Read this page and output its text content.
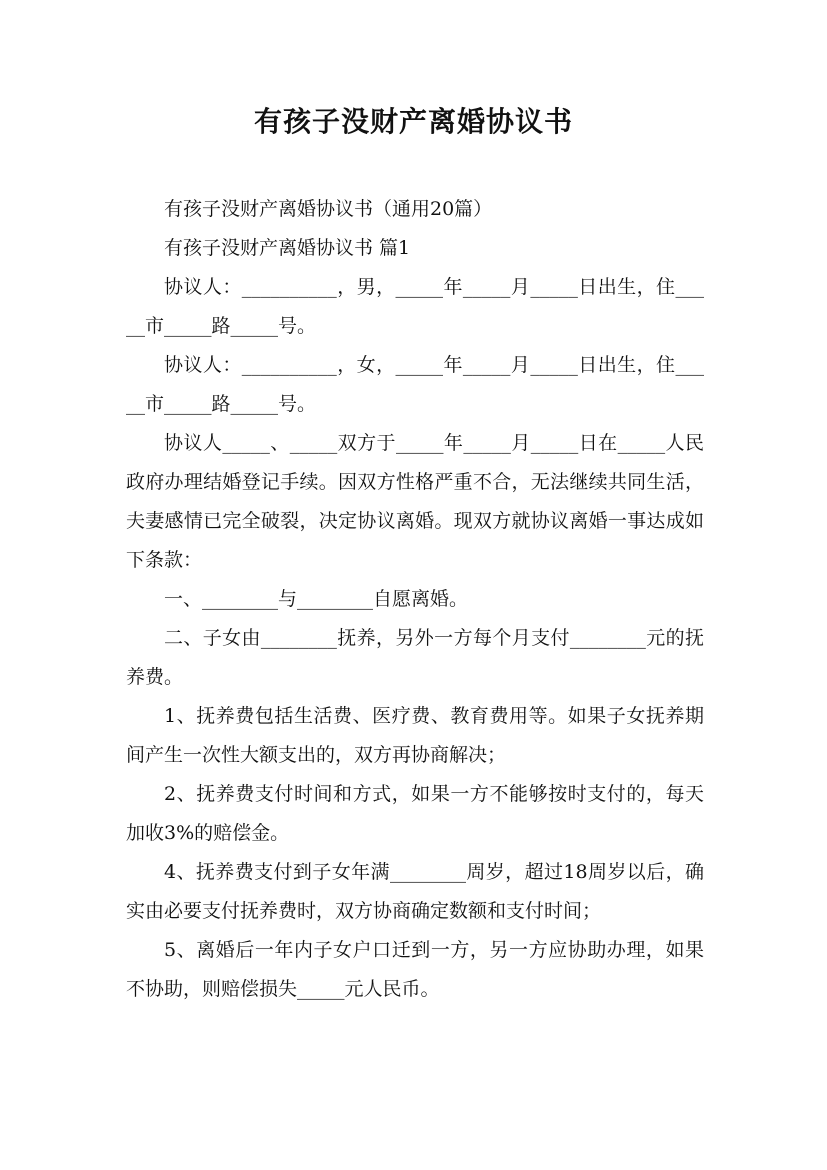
有孩子没财产离婚协议书

有孩子没财产离婚协议书（通用20篇）

有孩子没财产离婚协议书 篇1

协议人：__________，男，_____年_____月_____日出生，住_____市_____路_____号。

协议人：__________，女，_____年_____月_____日出生，住_____市_____路_____号。

协议人_____、_____双方于_____年_____月_____日在_____人民政府办理结婚登记手续。因双方性格严重不合，无法继续共同生活，夫妻感情已完全破裂，决定协议离婚。现双方就协议离婚一事达成如下条款：

一、________与________自愿离婚。

二、子女由________抚养，另外一方每个月支付________元的抚养费。

1、抚养费包括生活费、医疗费、教育费用等。如果子女抚养期间产生一次性大额支出的，双方再协商解决；

2、抚养费支付时间和方式，如果一方不能够按时支付的，每天加收3%的赔偿金。

4、抚养费支付到子女年满________周岁，超过18周岁以后，确实由必要支付抚养费时，双方协商确定数额和支付时间；

5、离婚后一年内子女户口迁到一方，另一方应协助办理，如果不协助，则赔偿损失_____元人民币。
